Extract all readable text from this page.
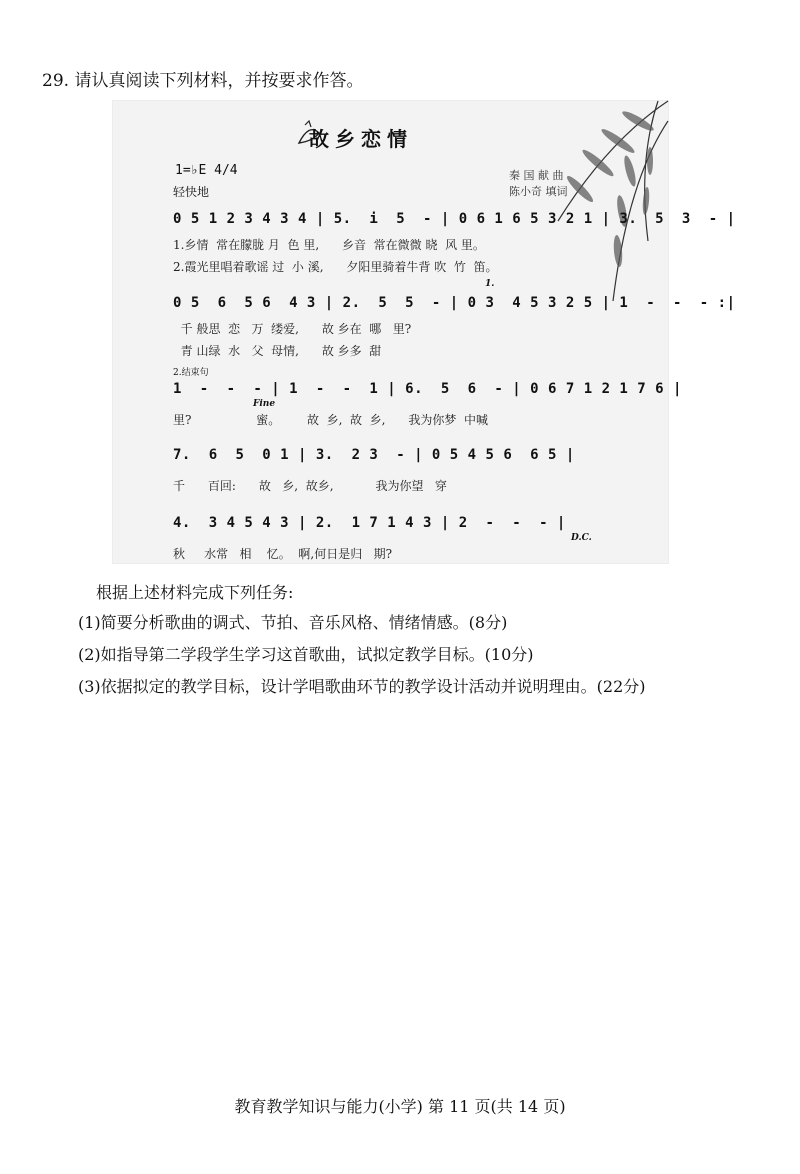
29. 请认真阅读下列材料，并按要求作答。
故乡恋情
1=♭E 4/4
轻快地
秦 国 献 曲
陈小奇 填词
0 5 1 2 3 4 3 4 | 5.  i  5  - | 0 6 1 6 5 3 2 1 | 3.  5  3  - |
1.乡情  常在朦胧 月  色 里,      乡音  常在微微 晓  风 里。
2.霞光里唱着歌谣 过  小 溪,      夕阳里骑着牛背 吹  竹  笛。
1.
0 5  6  5 6  4 3 | 2.  5  5  - | 0 3  4 5 3 2 5 | 1  -  -  - :|
千 般思  恋   万  缕爱,      故 乡在  哪   里?
青 山绿  水   父  母情,      故 乡多  甜
2.结束句
1  -  -  - | 1  -  -  1 | 6.  5  6  - | 0 6 7 1 2 1 7 6 |
Fine
里?                 蜜。       故  乡,  故  乡,      我为你梦  中喊
7.  6  5  0 1 | 3.  2 3  - | 0 5 4 5 6  6 5 |
千      百回:      故   乡,  故乡,           我为你望   穿
4.  3 4 5 4 3 | 2.  1 7 1 4 3 | 2  -  -  - |
D.C.
秋     水常   相    忆。  啊,何日是归   期?
根据上述材料完成下列任务:
(1)简要分析歌曲的调式、节拍、音乐风格、情绪情感。(8分)
(2)如指导第二学段学生学习这首歌曲，试拟定教学目标。(10分)
(3)依据拟定的教学目标，设计学唱歌曲环节的教学设计活动并说明理由。(22分)
教育教学知识与能力(小学) 第 11 页(共 14 页)
